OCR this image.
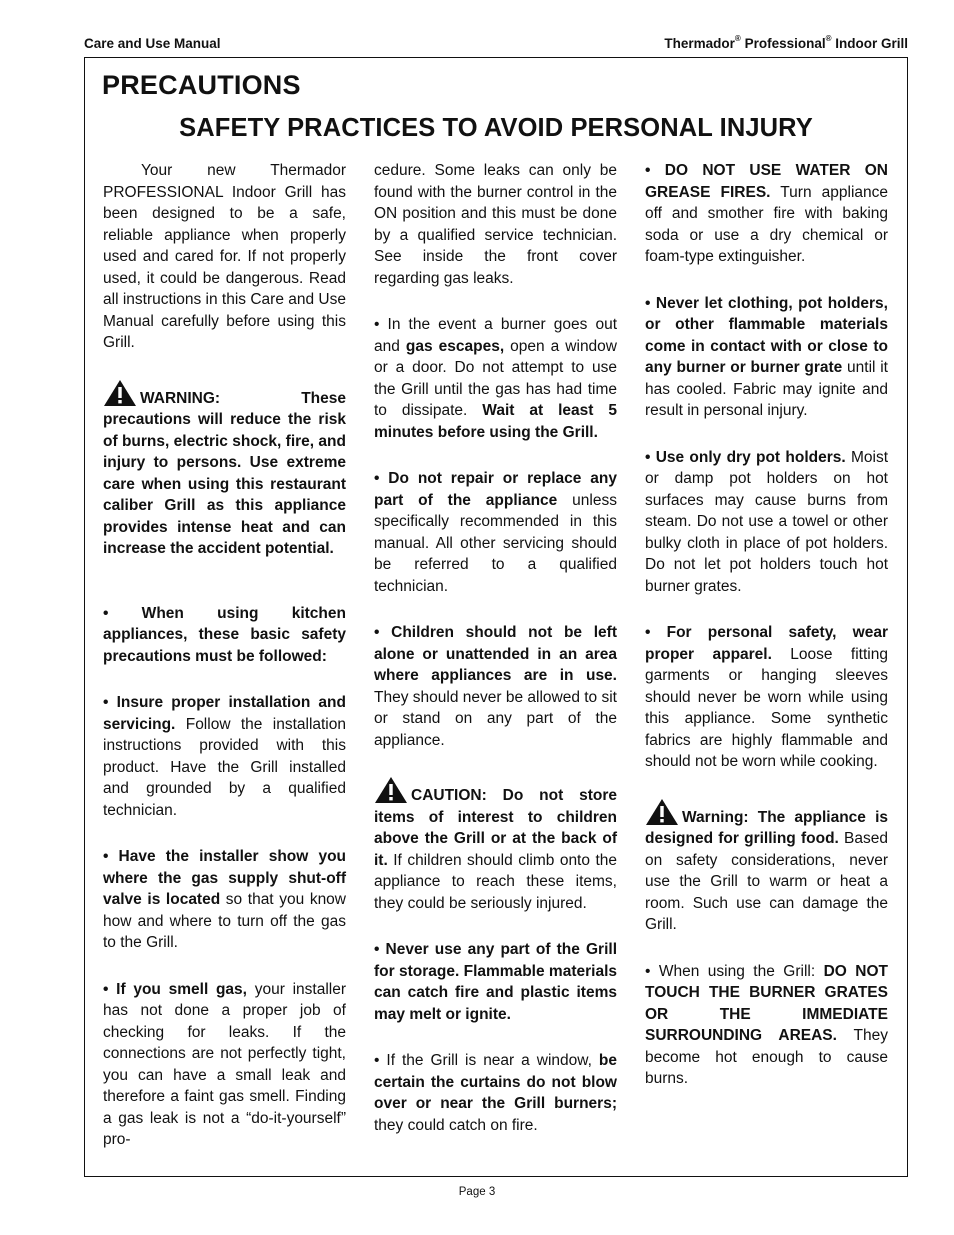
Care and Use Manual	Thermador® Professional® Indoor Grill
PRECAUTIONS
SAFETY PRACTICES TO AVOID PERSONAL INJURY

Your new Thermador PROFESSIONAL Indoor Grill has been designed to be a safe, reliable appliance when properly used and cared for. If not properly used, it could be dangerous. Read all instructions in this Care and Use Manual carefully before using this Grill.

WARNING: These precautions will reduce the risk of burns, electric shock, fire, and injury to persons. Use extreme care when using this restaurant caliber Grill as this appliance provides intense heat and can increase the accident potential.

• When using kitchen appliances, these basic safety precautions must be followed:

• Insure proper installation and servicing. Follow the installation instructions provided with this product. Have the Grill installed and grounded by a qualified technician.

• Have the installer show you where the gas supply shut-off valve is located so that you know how and where to turn off the gas to the Grill.

• If you smell gas, your installer has not done a proper job of checking for leaks. If the connections are not perfectly tight, you can have a small leak and therefore a faint gas smell. Finding a gas leak is not a “do-it-yourself” pro-

cedure. Some leaks can only be found with the burner control in the ON position and this must be done by a qualified service technician. See inside the front cover regarding gas leaks.

• In the event a burner goes out and gas escapes, open a window or a door. Do not attempt to use the Grill until the gas has had time to dissipate. Wait at least 5 minutes before using the Grill.

• Do not repair or replace any part of the appliance unless specifically recommended in this manual. All other servicing should be referred to a qualified technician.

• Children should not be left alone or unattended in an area where appliances are in use. They should never be allowed to sit or stand on any part of the appliance.

CAUTION: Do not store items of interest to children above the Grill or at the back of it. If children should climb onto the appliance to reach these items, they could be seriously injured.

• Never use any part of the Grill for storage. Flammable materials can catch fire and plastic items may melt or ignite.

• If the Grill is near a window, be certain the curtains do not blow over or near the Grill burners; they could catch on fire.

• DO NOT USE WATER ON GREASE FIRES. Turn appliance off and smother fire with baking soda or use a dry chemical or foam-type extinguisher.

• Never let clothing, pot holders, or other flammable materials come in contact with or close to any burner or burner grate until it has cooled. Fabric may ignite and result in personal injury.

• Use only dry pot holders. Moist or damp pot holders on hot surfaces may cause burns from steam. Do not use a towel or other bulky cloth in place of pot holders. Do not let pot holders touch hot burner grates.

• For personal safety, wear proper apparel. Loose fitting garments or hanging sleeves should never be worn while using this appliance. Some synthetic fabrics are highly flammable and should not be worn while cooking.

Warning: The appliance is designed for grilling food. Based on safety considerations, never use the Grill to warm or heat a room. Such use can damage the Grill.

• When using the Grill: DO NOT TOUCH THE BURNER GRATES OR THE IMMEDIATE SURROUNDING AREAS. They become hot enough to cause burns.

Page 3
